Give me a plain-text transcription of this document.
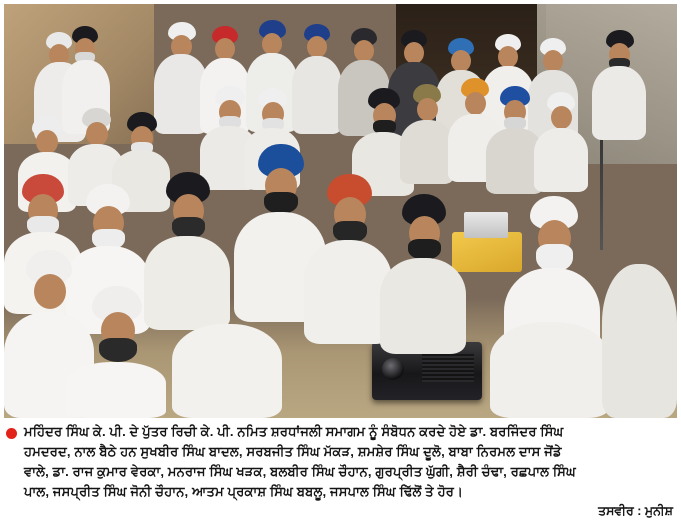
ਮਹਿੰਦਰ ਸਿੰਘ ਕੇ. ਪੀ. ਦੇ ਪੁੱਤਰ ਰਿਚੀ ਕੇ. ਪੀ. ਨਮਿਤ ਸ਼ਰਧਾਂਜਲੀ ਸਮਾਗਮ ਨੂੰ ਸੰਬੋਧਨ ਕਰਦੇ ਹੋਏ ਡਾ. ਬਰਜਿੰਦਰ ਸਿੰਘ
ਹਮਦਰਦ, ਨਾਲ ਬੈਠੇ ਹਨ ਸੁਖਬੀਰ ਸਿੰਘ ਬਾਦਲ, ਸਰਬਜੀਤ ਸਿੰਘ ਮੱਕੜ, ਸ਼ਮਸ਼ੇਰ ਸਿੰਘ ਦੂਲੋ, ਬਾਬਾ ਨਿਰਮਲ ਦਾਸ ਜੋਂਡੇ
ਵਾਲੇ, ਡਾ. ਰਾਜ ਕੁਮਾਰ ਵੇਰਕਾ, ਮਨਰਾਜ ਸਿੰਘ ਖੜਕ, ਬਲਬੀਰ ਸਿੰਘ ਚੌਹਾਨ, ਗੁਰਪ੍ਰੀਤ ਘੁੱਗੀ, ਸ਼ੈਰੀ ਚੰਢਾ, ਰਛਪਾਲ ਸਿੰਘ
ਪਾਲ, ਜਸਪ੍ਰੀਤ ਸਿੰਘ ਜੋਨੀ ਚੌਹਾਨ, ਆਤਮ ਪ੍ਰਕਾਸ਼ ਸਿੰਘ ਬਬਲੂ, ਜਸਪਾਲ ਸਿੰਘ ਢਿੱਲੋਂ ਤੇ ਹੋਰ।
ਤਸਵੀਰ : ਮੁਨੀਸ਼
